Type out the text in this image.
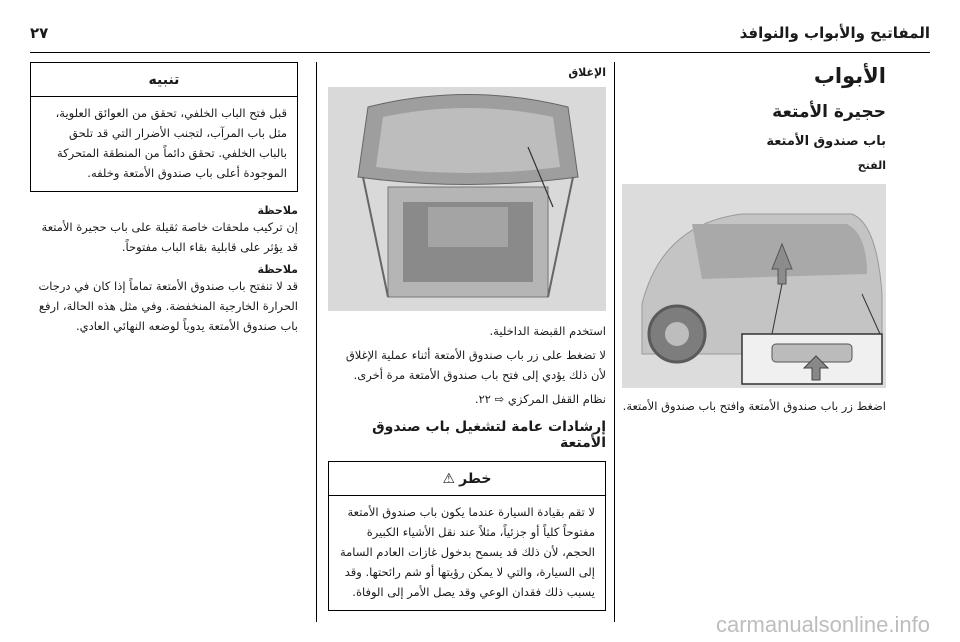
٢٧	المفاتيح والأبواب والنوافذ
الأبواب
حجيرة الأمتعة
باب صندوق الأمتعة
الفتح
اضغط زر باب صندوق الأمتعة وافتح باب صندوق الأمتعة.
الإغلاق
استخدم القبضة الداخلية.
لا تضغط على زر باب صندوق الأمتعة أثناء عملية الإغلاق لأن ذلك يؤدي إلى فتح باب صندوق الأمتعة مرة أخرى.
نظام القفل المركزي ⇨ ٢٢.
إرشادات عامة لتشغيل باب صندوق الأمتعة
خطر
⚠
لا تقم بقيادة السيارة عندما يكون باب صندوق الأمتعة مفتوحاً كلياً أو جزئياً، مثلاً عند نقل الأشياء الكبيرة الحجم، لأن ذلك قد يسمح بدخول غازات العادم السامة إلى السيارة، والتي لا يمكن رؤيتها أو شم رائحتها. وقد يسبب ذلك فقدان الوعي وقد يصل الأمر إلى الوفاة.
تنبيه
قبل فتح الباب الخلفي، تحقق من العوائق العلوية، مثل باب المرآب، لتجنب الأضرار التي قد تلحق بالباب الخلفي. تحقق دائماً من المنطقة المتحركة الموجودة أعلى باب صندوق الأمتعة وخلفه.
ملاحظة
إن تركيب ملحقات خاصة ثقيلة على باب حجيرة الأمتعة قد يؤثر على قابلية بقاء الباب مفتوحاً.
ملاحظة
قد لا تنفتح باب صندوق الأمتعة تماماً إذا كان في درجات الحرارة الخارجية المنخفضة. وفي مثل هذه الحالة، ارفع باب صندوق الأمتعة يدوياً لوضعه النهائي العادي.
carmanualsonline.info
